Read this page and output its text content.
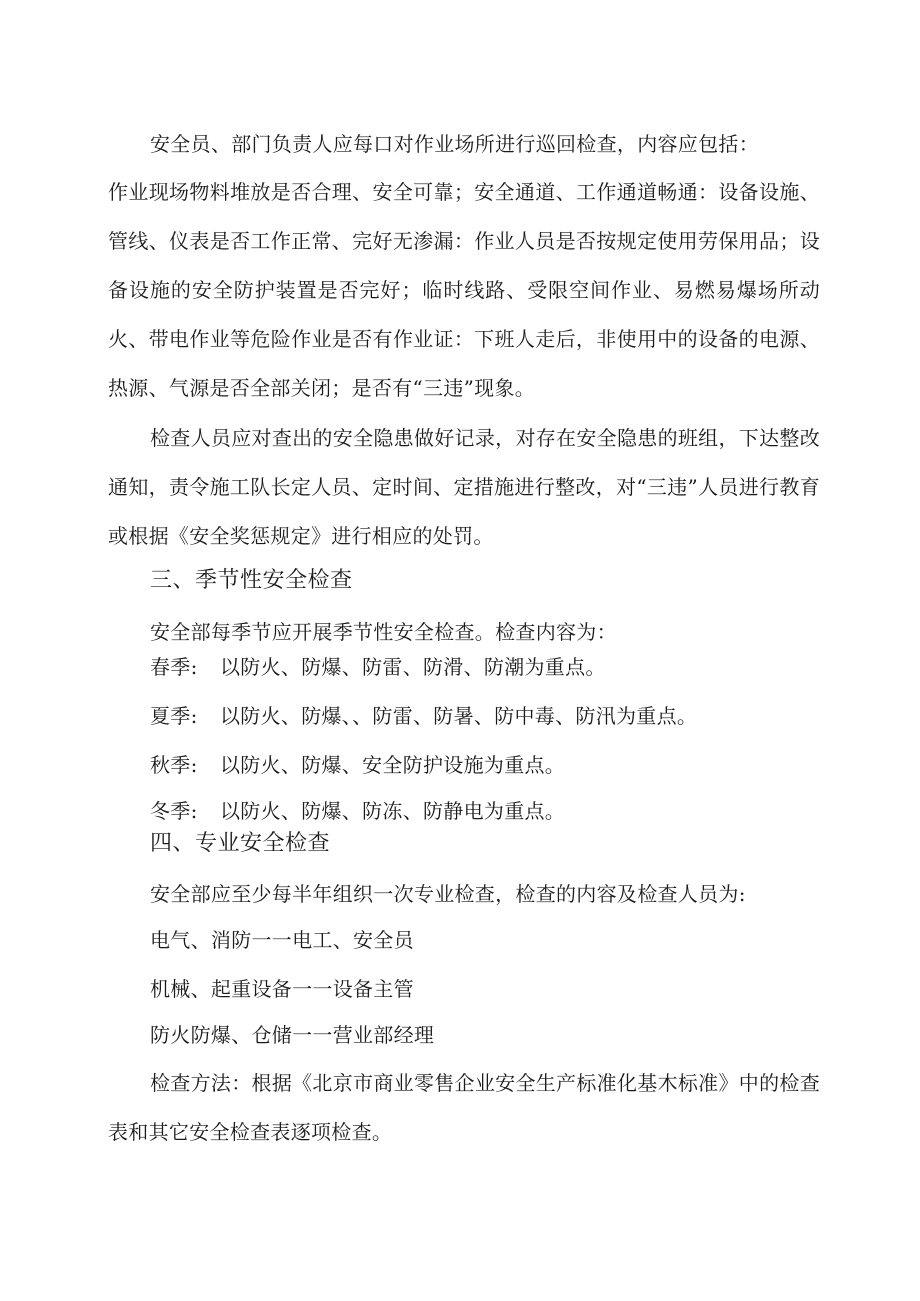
安全员、部门负责人应每口对作业场所进行巡回检查，内容应包括：

作业现场物料堆放是否合理、安全可靠；安全通道、工作通道畅通：设备设施、管线、仪表是否工作正常、完好无渗漏：作业人员是否按规定使用劳保用品；设备设施的安全防护装置是否完好；临时线路、受限空间作业、易燃易爆场所动火、带电作业等危险作业是否有作业证：下班人走后，非使用中的设备的电源、热源、气源是否全部关闭；是否有“三违”现象。

检查人员应对查出的安全隐患做好记录，对存在安全隐患的班组，下达整改通知，责令施工队长定人员、定时间、定措施进行整改，对“三违”人员进行教育或根据《安全奖惩规定》进行相应的处罚。

三、季节性安全检查

安全部每季节应开展季节性安全检查。检查内容为：

春季: 以防火、防爆、防雷、防滑、防潮为重点。

夏季: 以防火、防爆、、防雷、防暑、防中毒、防汛为重点。

秋季: 以防火、防爆、安全防护设施为重点。

冬季: 以防火、防爆、防冻、防静电为重点。

四、专业安全检查

安全部应至少每半年组织一次专业检查，检查的内容及检查人员为:

电气、消防一一电工、安全员

机械、起重设备一一设备主管

防火防爆、仓储一一营业部经理

检查方法：根据《北京市商业零售企业安全生产标准化基木标准》中的检查表和其它安全检查表逐项检查。
